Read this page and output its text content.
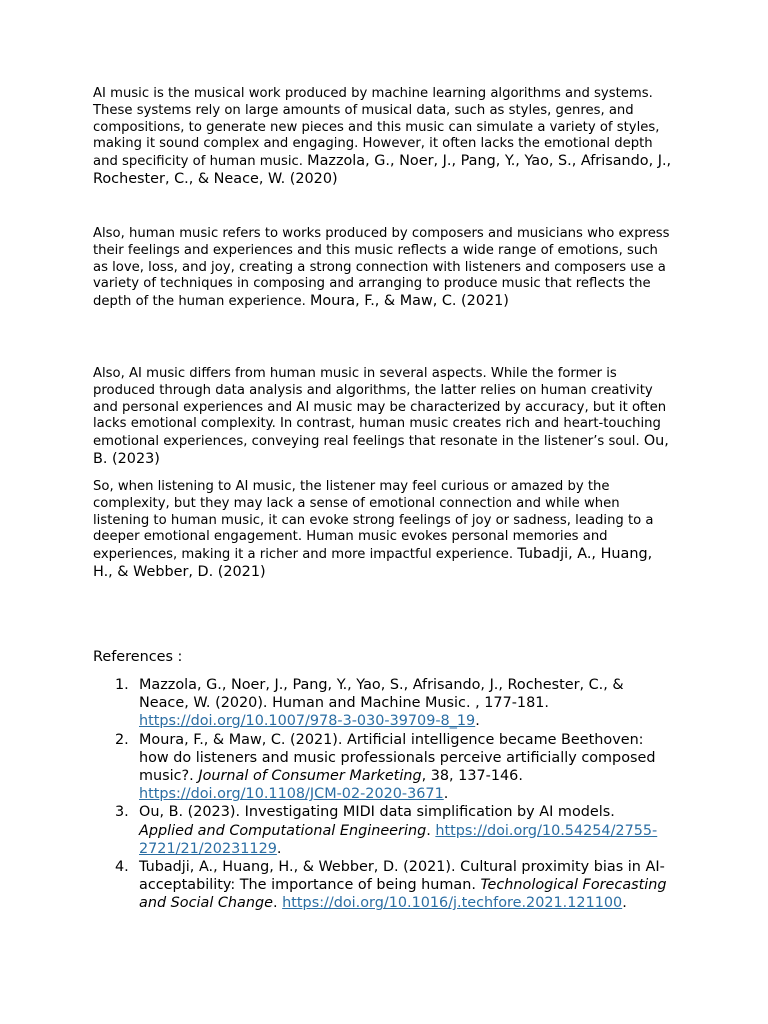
AI music is the musical work produced by machine learning algorithms and systems. These systems rely on large amounts of musical data, such as styles, genres, and compositions, to generate new pieces and this music can simulate a variety of styles, making it sound complex and engaging. However, it often lacks the emotional depth and specificity of human music. Mazzola, G., Noer, J., Pang, Y., Yao, S., Afrisando, J., Rochester, C., & Neace, W. (2020)

Also, human music refers to works produced by composers and musicians who express their feelings and experiences and this music reflects a wide range of emotions, such as love, loss, and joy, creating a strong connection with listeners and composers use a variety of techniques in composing and arranging to produce music that reflects the depth of the human experience. Moura, F., & Maw, C. (2021)

Also, AI music differs from human music in several aspects. While the former is produced through data analysis and algorithms, the latter relies on human creativity and personal experiences and AI music may be characterized by accuracy, but it often lacks emotional complexity. In contrast, human music creates rich and heart-touching emotional experiences, conveying real feelings that resonate in the listener’s soul. Ou, B. (2023)

So, when listening to AI music, the listener may feel curious or amazed by the complexity, but they may lack a sense of emotional connection and while when listening to human music, it can evoke strong feelings of joy or sadness, leading to a deeper emotional engagement. Human music evokes personal memories and experiences, making it a richer and more impactful experience. Tubadji, A., Huang, H., & Webber, D. (2021)

References :

1. Mazzola, G., Noer, J., Pang, Y., Yao, S., Afrisando, J., Rochester, C., & Neace, W. (2020). Human and Machine Music. , 177-181. https://doi.org/10.1007/978-3-030-39709-8_19.
2. Moura, F., & Maw, C. (2021). Artificial intelligence became Beethoven: how do listeners and music professionals perceive artificially composed music?. Journal of Consumer Marketing, 38, 137-146. https://doi.org/10.1108/JCM-02-2020-3671.
3. Ou, B. (2023). Investigating MIDI data simplification by AI models. Applied and Computational Engineering. https://doi.org/10.54254/2755-2721/21/20231129.
4. Tubadji, A., Huang, H., & Webber, D. (2021). Cultural proximity bias in AI-acceptability: The importance of being human. Technological Forecasting and Social Change. https://doi.org/10.1016/j.techfore.2021.121100.
